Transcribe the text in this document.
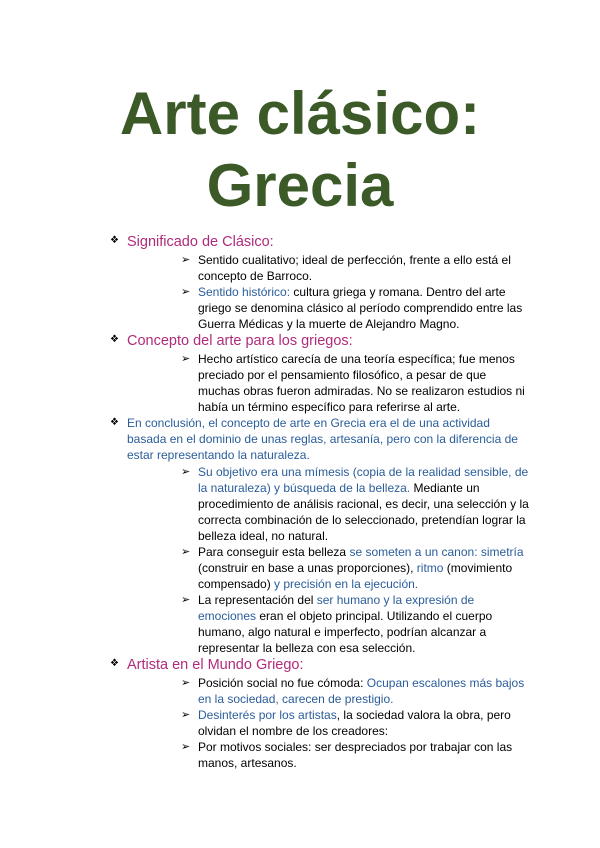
Arte clásico:
Grecia
❖ Significado de Clásico:
➢ Sentido cualitativo; ideal de perfección, frente a ello está el concepto de Barroco.
➢ Sentido histórico: cultura griega y romana. Dentro del arte griego se denomina clásico al período comprendido entre las Guerra Médicas y la muerte de Alejandro Magno.
❖ Concepto del arte para los griegos:
➢ Hecho artístico carecía de una teoría específica; fue menos preciado por el pensamiento filosófico, a pesar de que muchas obras fueron admiradas. No se realizaron estudios ni había un término específico para referirse al arte.
❖ En conclusión, el concepto de arte en Grecia era el de una actividad basada en el dominio de unas reglas, artesanía, pero con la diferencia de estar representando la naturaleza.
➢ Su objetivo era una mímesis (copia de la realidad sensible, de la naturaleza) y búsqueda de la belleza. Mediante un procedimiento de análisis racional, es decir, una selección y la correcta combinación de lo seleccionado, pretendían lograr la belleza ideal, no natural.
➢ Para conseguir esta belleza se someten a un canon: simetría (construir en base a unas proporciones), ritmo (movimiento compensado) y precisión en la ejecución.
➢ La representación del ser humano y la expresión de emociones eran el objeto principal. Utilizando el cuerpo humano, algo natural e imperfecto, podrían alcanzar a representar la belleza con esa selección.
❖ Artista en el Mundo Griego:
➢ Posición social no fue cómoda: Ocupan escalones más bajos en la sociedad, carecen de prestigio.
➢ Desinterés por los artistas, la sociedad valora la obra, pero olvidan el nombre de los creadores:
➢ Por motivos sociales: ser despreciados por trabajar con las manos, artesanos.
